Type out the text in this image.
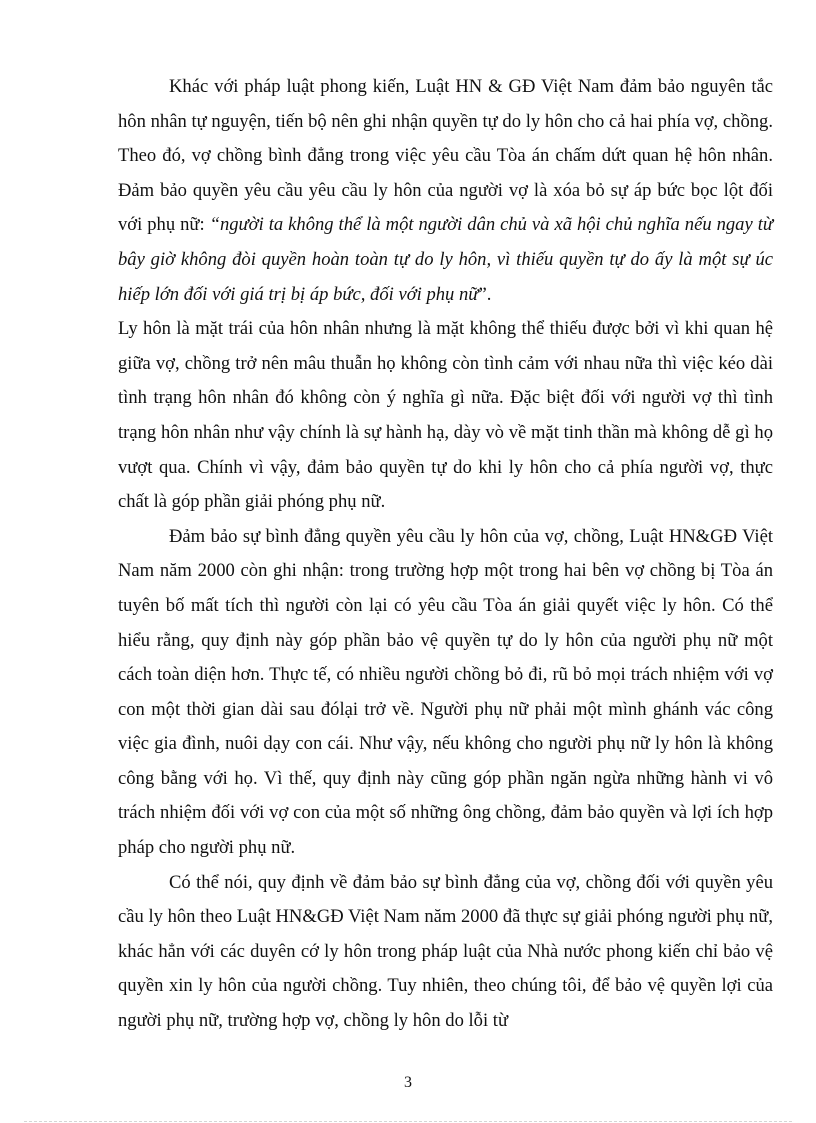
Khác với pháp luật phong kiến, Luật HN & GĐ Việt Nam đảm bảo nguyên tắc hôn nhân tự nguyện, tiến bộ nên ghi nhận quyền tự do ly hôn cho cả hai phía vợ, chồng. Theo đó, vợ chồng bình đẳng trong việc yêu cầu Tòa án chấm dứt quan hệ hôn nhân. Đảm bảo quyền yêu cầu yêu cầu ly hôn của người vợ là xóa bỏ sự áp bức bọc lột đối với phụ nữ: “người ta không thể là một người dân chủ và xã hội chủ nghĩa nếu ngay từ bây giờ không đòi quyền hoàn toàn tự do ly hôn, vì thiếu quyền tự do ấy là một sự úc hiếp lớn đối với giá trị bị áp bức, đối với phụ nữ”.

Ly hôn là mặt trái của hôn nhân nhưng là mặt không thể thiếu được bởi vì khi quan hệ giữa vợ, chồng trở nên mâu thuẫn họ không còn tình cảm với nhau nữa thì việc kéo dài tình trạng hôn nhân đó không còn ý nghĩa gì nữa. Đặc biệt đối với người vợ thì tình trạng hôn nhân như vậy chính là sự hành hạ, dày vò về mặt tinh thần mà không dễ gì họ vượt qua. Chính vì vậy, đảm bảo quyền tự do khi ly hôn cho cả phía người vợ, thực chất là góp phần giải phóng phụ nữ.

Đảm bảo sự bình đẳng quyền yêu cầu ly hôn của vợ, chồng, Luật HN&GĐ Việt Nam năm 2000 còn ghi nhận: trong trường hợp một trong hai bên vợ chồng bị Tòa án tuyên bố mất tích thì người còn lại có yêu cầu Tòa án giải quyết việc ly hôn. Có thể hiểu rằng, quy định này góp phần bảo vệ quyền tự do ly hôn của người phụ nữ một cách toàn diện hơn. Thực tế, có nhiều người chồng bỏ đi, rũ bỏ mọi trách nhiệm với vợ con một thời gian dài sau đólại trở về. Người phụ nữ phải một mình ghánh vác công việc gia đình, nuôi dạy con cái. Như vậy, nếu không cho người phụ nữ ly hôn là không công bằng với họ. Vì thế, quy định này cũng góp phần ngăn ngừa những hành vi vô trách nhiệm đối với vợ con của một số những ông chồng, đảm bảo quyền và lợi ích hợp pháp cho người phụ nữ.

Có thể nói, quy định về đảm bảo sự bình đẳng của vợ, chồng đối với quyền yêu cầu ly hôn theo Luật HN&GĐ Việt Nam năm 2000 đã thực sự giải phóng người phụ nữ, khác hẳn với các duyên cớ ly hôn trong pháp luật của Nhà nước phong kiến chỉ bảo vệ quyền xin ly hôn của người chồng. Tuy nhiên, theo chúng tôi, để bảo vệ quyền lợi của người phụ nữ, trường hợp vợ, chồng ly hôn do lỗi từ

3
